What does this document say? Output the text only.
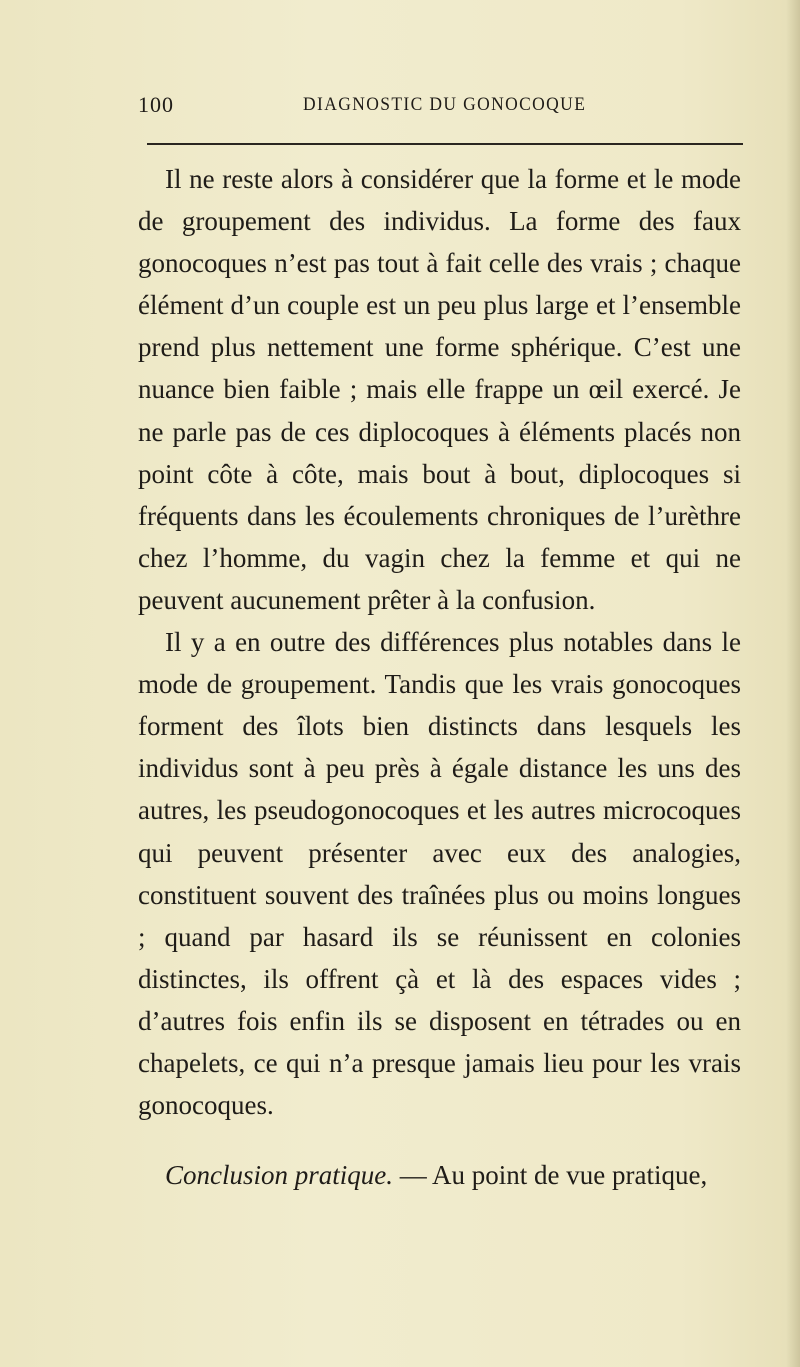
100	DIAGNOSTIC DU GONOCOQUE

Il ne reste alors à considérer que la forme et le mode de groupement des individus. La forme des faux gonocoques n’est pas tout à fait celle des vrais ; chaque élément d’un couple est un peu plus large et l’ensemble prend plus nettement une forme sphérique. C’est une nuance bien faible ; mais elle frappe un œil exercé. Je ne parle pas de ces diplocoques à éléments placés non point côte à côte, mais bout à bout, diplocoques si fréquents dans les écoulements chroniques de l’urèthre chez l’homme, du vagin chez la femme et qui ne peuvent aucunement prêter à la confusion.

Il y a en outre des différences plus notables dans le mode de groupement. Tandis que les vrais gonocoques forment des îlots bien distincts dans lesquels les individus sont à peu près à égale distance les uns des autres, les pseudogonocoques et les autres microcoques qui peuvent présenter avec eux des analogies, constituent souvent des traînées plus ou moins longues ; quand par hasard ils se réunissent en colonies distinctes, ils offrent çà et là des espaces vides ; d’autres fois enfin ils se disposent en tétrades ou en chapelets, ce qui n’a presque jamais lieu pour les vrais gonocoques.

Conclusion pratique. — Au point de vue pratique,
